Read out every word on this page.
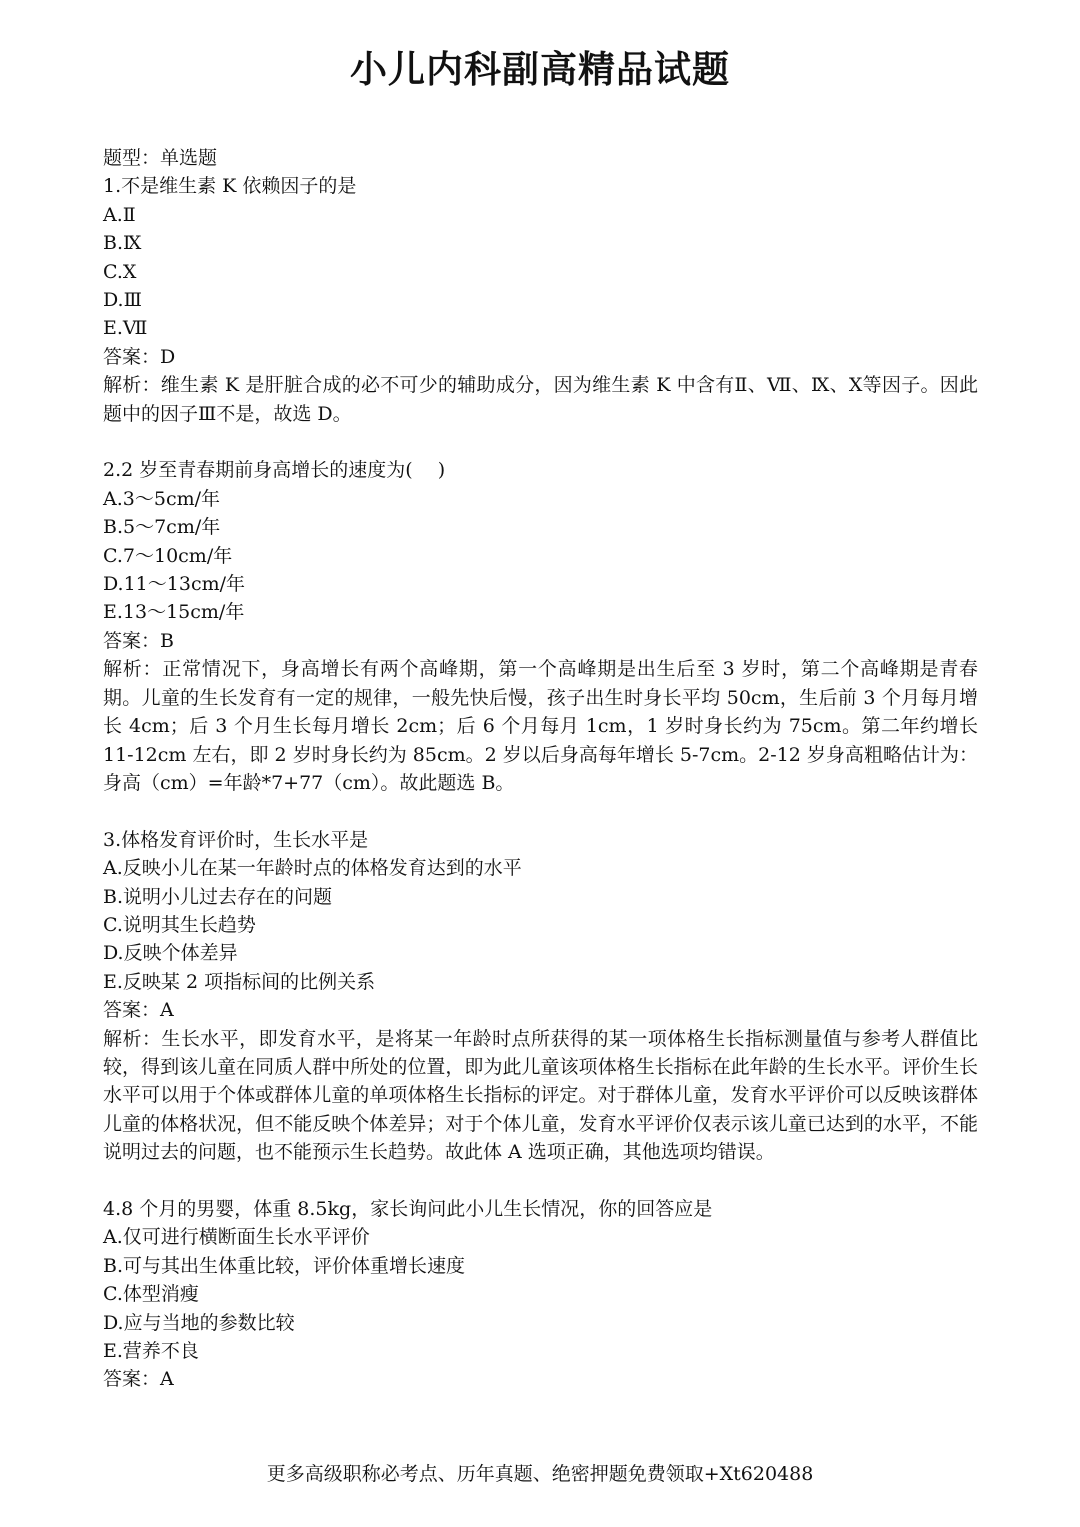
小儿内科副高精品试题
题型：单选题
1.不是维生素 K 依赖因子的是
A.Ⅱ
B.Ⅸ
C.Ⅹ
D.Ⅲ
E.Ⅶ
答案：D
解析：维生素 K 是肝脏合成的必不可少的辅助成分，因为维生素 K 中含有Ⅱ、Ⅶ、Ⅸ、Ⅹ等因子。因此题中的因子Ⅲ不是，故选 D。
2.2 岁至青春期前身高增长的速度为(　 )
A.3～5cm/年
B.5～7cm/年
C.7～10cm/年
D.11～13cm/年
E.13～15cm/年
答案：B
解析：正常情况下，身高增长有两个高峰期，第一个高峰期是出生后至 3 岁时，第二个高峰期是青春期。儿童的生长发育有一定的规律，一般先快后慢，孩子出生时身长平均 50cm，生后前 3 个月每月增长 4cm；后 3 个月生长每月增长 2cm；后 6 个月每月 1cm，1 岁时身长约为 75cm。第二年约增长 11-12cm 左右，即 2 岁时身长约为 85cm。2 岁以后身高每年增长 5-7cm。2-12 岁身高粗略估计为：身高（cm）=年龄*7+77（cm）。故此题选 B。
3.体格发育评价时，生长水平是
A.反映小儿在某一年龄时点的体格发育达到的水平
B.说明小儿过去存在的问题
C.说明其生长趋势
D.反映个体差异
E.反映某 2 项指标间的比例关系
答案：A
解析：生长水平，即发育水平，是将某一年龄时点所获得的某一项体格生长指标测量值与参考人群值比较，得到该儿童在同质人群中所处的位置，即为此儿童该项体格生长指标在此年龄的生长水平。评价生长水平可以用于个体或群体儿童的单项体格生长指标的评定。对于群体儿童，发育水平评价可以反映该群体儿童的体格状况，但不能反映个体差异；对于个体儿童，发育水平评价仅表示该儿童已达到的水平，不能说明过去的问题，也不能预示生长趋势。故此体 A 选项正确，其他选项均错误。
4.8 个月的男婴，体重 8.5kg，家长询问此小儿生长情况，你的回答应是
A.仅可进行横断面生长水平评价
B.可与其出生体重比较，评价体重增长速度
C.体型消瘦
D.应与当地的参数比较
E.营养不良
答案：A
更多高级职称必考点、历年真题、绝密押题免费领取+Xt620488
